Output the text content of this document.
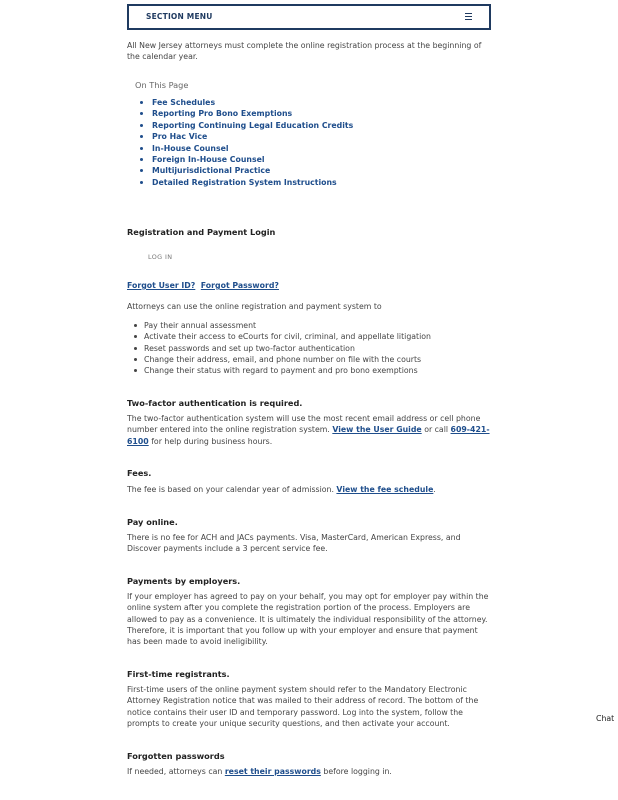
SECTION MENU

All New Jersey attorneys must complete the online registration process at the beginning of the calendar year.

On This Page
Fee Schedules
Reporting Pro Bono Exemptions
Reporting Continuing Legal Education Credits
Pro Hac Vice
In-House Counsel
Foreign In-House Counsel
Multijurisdictional Practice
Detailed Registration System Instructions
Registration and Payment Login
LOG IN
Forgot User ID? Forgot Password?

Attorneys can use the online registration and payment system to

Pay their annual assessment
Activate their access to eCourts for civil, criminal, and appellate litigation
Reset passwords and set up two-factor authentication
Change their address, email, and phone number on file with the courts
Change their status with regard to payment and pro bono exemptions
Two-factor authentication is required.

The two-factor authentication system will use the most recent email address or cell phone number entered into the online registration system. View the User Guide or call 609-421-6100 for help during business hours.

Fees.

The fee is based on your calendar year of admission. View the fee schedule.

Pay online.

There is no fee for ACH and JACs payments. Visa, MasterCard, American Express, and Discover payments include a 3 percent service fee.

Payments by employers.

If your employer has agreed to pay on your behalf, you may opt for employer pay within the online system after you complete the registration portion of the process. Employers are allowed to pay as a convenience. It is ultimately the individual responsibility of the attorney. Therefore, it is important that you follow up with your employer and ensure that payment has been made to avoid ineligibility.

First-time registrants.

First-time users of the online payment system should refer to the Mandatory Electronic Attorney Registration notice that was mailed to their address of record. The bottom of the notice contains their user ID and temporary password. Log into the system, follow the prompts to create your unique security questions, and then activate your account.

Forgotten passwords

If needed, attorneys can reset their passwords before logging in.

Chat
